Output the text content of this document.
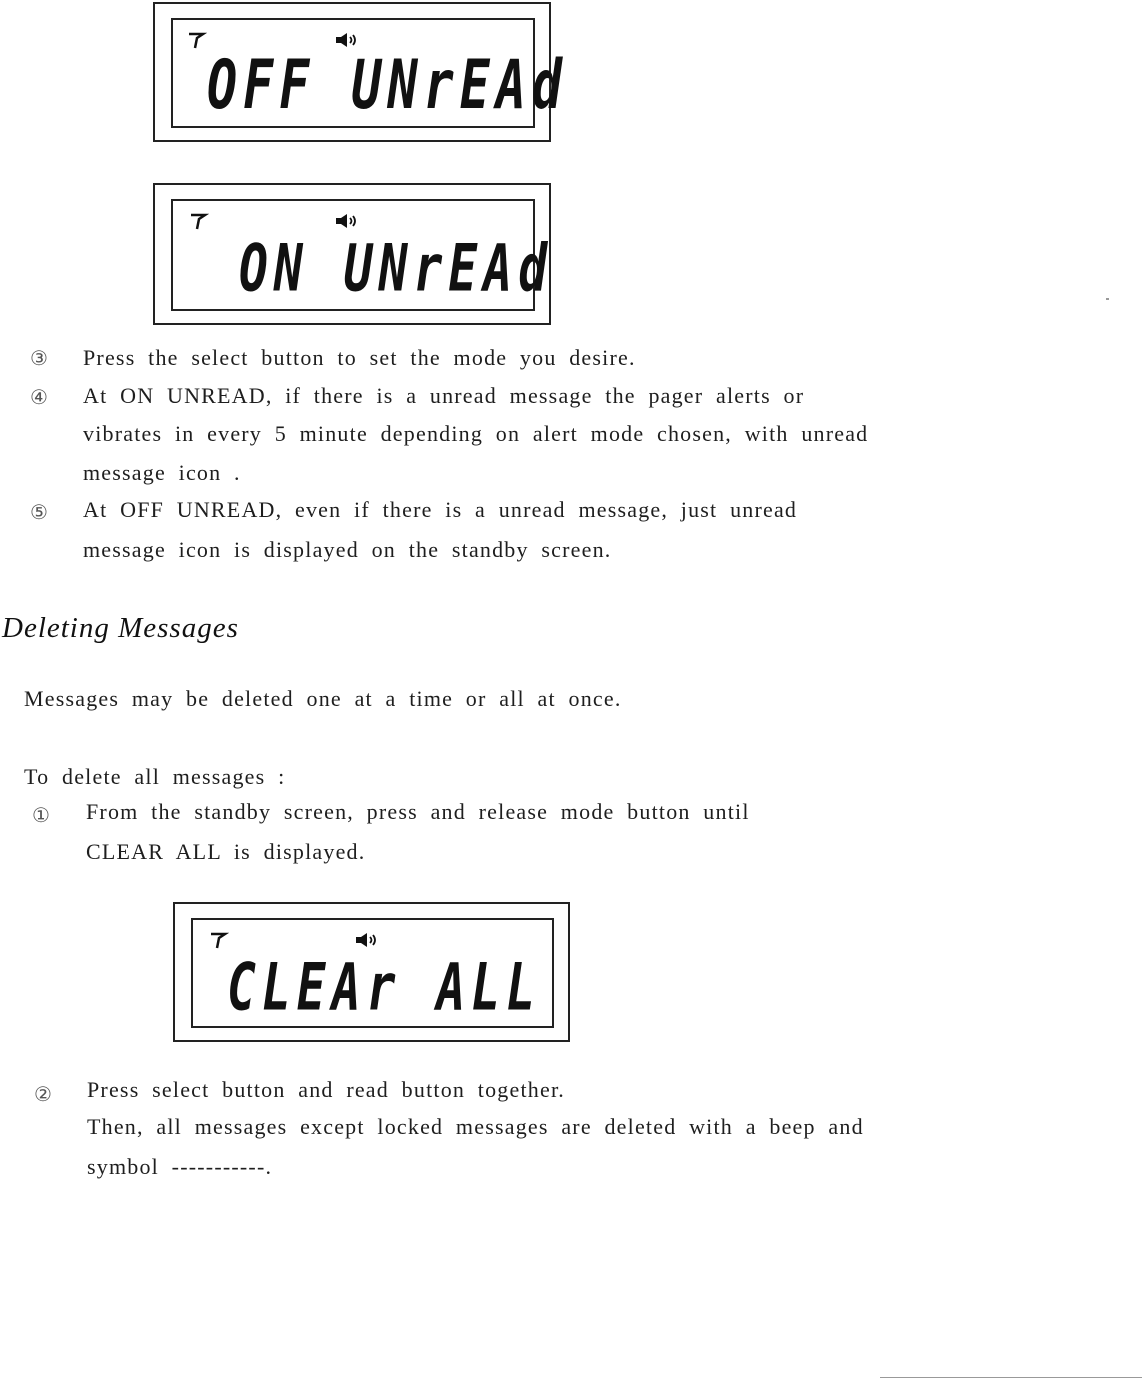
OFF UNrEAd
ON UNrEAd
③ Press the select button to set the mode you desire.
④ At ON UNREAD, if there is a unread message the pager alerts or
vibrates in every 5 minute depending on alert mode chosen, with unread
message icon .
⑤ At OFF UNREAD, even if there is a unread message, just unread
message icon is displayed on the standby screen.
Deleting Messages
Messages may be deleted one at a time or all at once.
To delete all messages :
① From the standby screen, press and release mode button until
CLEAR ALL is displayed.
CLEAr ALL
② Press select button and read button together.
Then, all messages except locked messages are deleted with a beep and
symbol -----------.
